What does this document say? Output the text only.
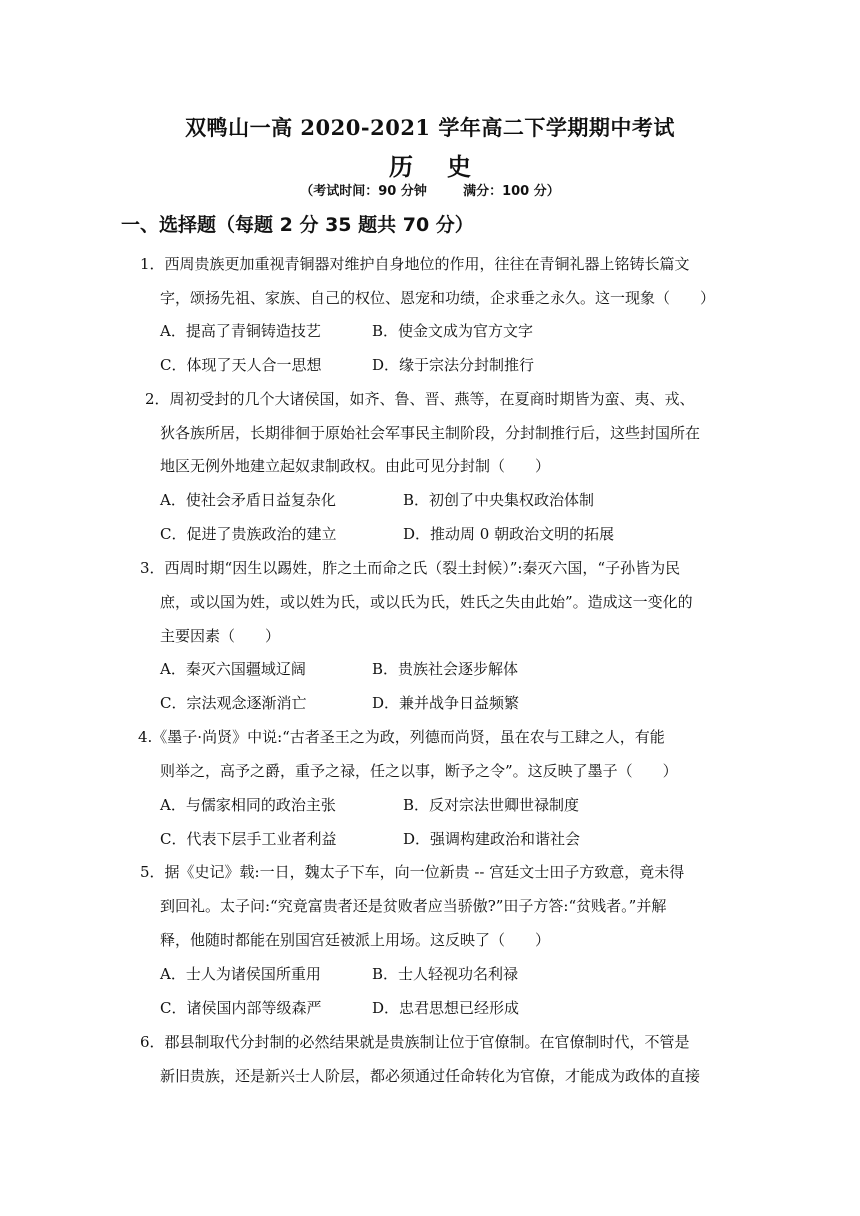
双鸭山一高 2020-2021 学年高二下学期期中考试
历史
（考试时间：90 分钟        满分：100 分）
一、选择题（每题 2 分 35 题共 70 分）
1．西周贵族更加重视青铜器对维护自身地位的作用，往往在青铜礼器上铭铸长篇文
字，颂扬先祖、家族、自己的权位、恩宠和功绩，企求垂之永久。这一现象（　　）
A．提高了青铜铸造技艺	B．使金文成为官方文字
C．体现了天人合一思想	D．缘于宗法分封制推行
2．周初受封的几个大诸侯国，如齐、鲁、晋、燕等，在夏商时期皆为蛮、夷、戎、
狄各族所居，长期徘徊于原始社会军事民主制阶段，分封制推行后，这些封国所在
地区无例外地建立起奴隶制政权。由此可见分封制（　　）
A．使社会矛盾日益复杂化	B．初创了中央集权政治体制
C．促进了贵族政治的建立	D．推动周 0 朝政治文明的拓展
3．西周时期“因生以踢姓，胙之土而命之氏（裂土封候）”:秦灭六国，“子孙皆为民
庶，或以国为姓，或以姓为氏，或以氏为氏，姓氏之失由此始”。造成这一变化的
主要因素（　　）
A．秦灭六国疆域辽阔	B．贵族社会逐步解体
C．宗法观念逐渐消亡	D．兼并战争日益频繁
4.《墨子·尚贤》中说:“古者圣王之为政，列德而尚贤，虽在农与工肆之人，有能
则举之，高予之爵，重予之禄，任之以事，断予之令”。这反映了墨子（　　）
A．与儒家相同的政治主张	B．反对宗法世卿世禄制度
C．代表下层手工业者利益	D．强调构建政治和谐社会
5．据《史记》载:一日，魏太子下车，向一位新贵 -- 宫廷文士田子方致意，竟未得
到回礼。太子问:“究竟富贵者还是贫败者应当骄傲?”田子方答:“贫贱者。”并解
释，他随时都能在别国宫廷被派上用场。这反映了（　　）
A．士人为诸侯国所重用	B．士人轻视功名利禄
C．诸侯国内部等级森严	D．忠君思想已经形成
6．郡县制取代分封制的必然结果就是贵族制让位于官僚制。在官僚制时代，不管是
新旧贵族，还是新兴士人阶层，都必须通过任命转化为官僚，才能成为政体的直接
